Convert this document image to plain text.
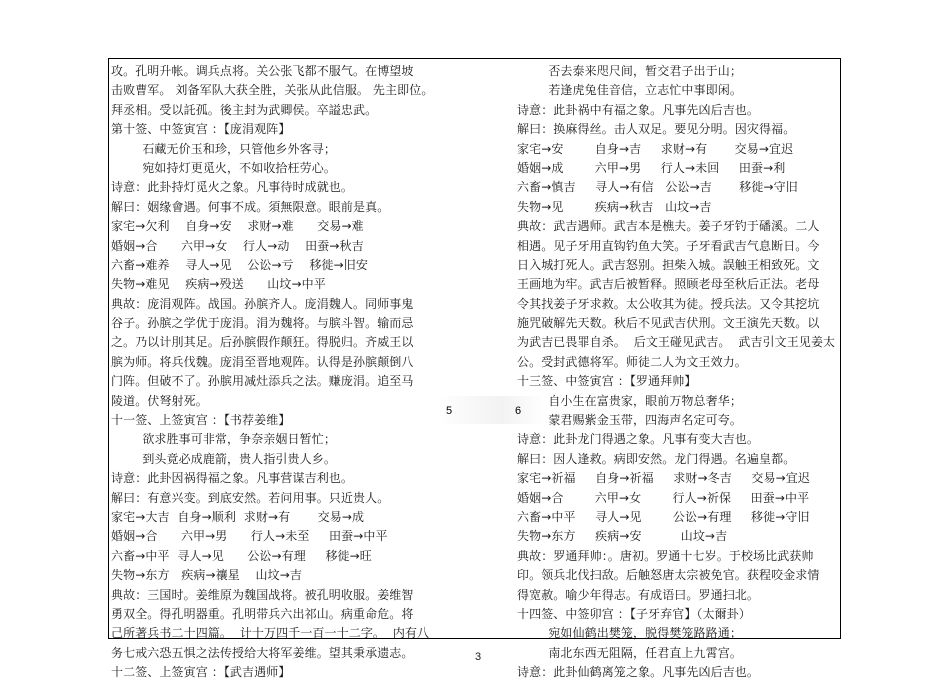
攻。孔明升帐。调兵点将。关公张飞都不服气。在博望坡
击败曹军。 刘备军队大获全胜，关张从此信服。 先主即位。
拜丞相。受以託孤。後主封为武卿侯。卒謚忠武。
第十签、中签寅宫 ：【庞涓观阵】
石藏无价玉和珍，只管他乡外客寻；
宛如持灯更觅火，不如收拾枉劳心。
诗意：此卦持灯觅火之象。凡事待时成就也。
解曰：姻缘會遇。何事不成。須無限意。眼前是真。
家宅→欠利    自身→安    求财→难      交易→难
婚姻→合      六甲→女    行人→动    田蚕→秋吉
六畜→难养    寻人→见    公讼→亏    移徙→旧安
失物→难见    疾病→殁送      山坟→中平
典故：庞涓观阵。战国。孙膑齐人。庞涓魏人。同师事鬼
谷子。孙膑之学优于庞涓。涓为魏将。与膑斗智。输而忌
之。乃以计刖其足。后孙膑假作颠狂。得脱归。齐威王以
膑为师。将兵伐魏。庞涓至晋地观阵。认得是孙膑颠倒八
门阵。但破不了。孙膑用减灶添兵之法。赚庞涓。追至马
陵道。伏弩射死。
十一签、上签寅宫 ：【书荐姜维】
欲求胜事可非常，争奈亲姻日暂忙；
到头竟必成鹿箭，贵人指引贵人乡。
诗意：此卦因祸得福之象。凡事营谋吉利也。
解曰：有意兴变。到底安然。若问用事。只近贵人。
家宅→大吉  自身→顺利  求财→有       交易→成
婚姻→合      六甲→男      行人→未至     田蚕→中平
六畜→中平  寻人→见      公讼→有理     移徙→旺
失物→东方   疾病→禳星    山坟→吉
典故：三国时。姜维原为魏国战将。被孔明收服。姜维智
勇双全。得孔明器重。孔明带兵六出祁山。病重命危。将
己所著兵书二十四篇。  计十万四千一百一十二字。  内有八
务七戒六恐五惧之法传授给大将军姜维。望其秉承遗志。
十二签、上签寅宫 ：【武吉遇师】
否去泰来咫尺间，暂交君子出于山；
若逢虎兔佳音信，立志忙中事即闲。
诗意：此卦祸中有福之象。凡事先凶后吉也。
解曰：换麻得丝。击人双足。要见分明。因灾得福。
家宅→安        自身→吉     求财→有       交易→宜迟
婚姻→成        六甲→男     行人→未回     田蚕→利
六畜→慎吉     寻人→有信   公讼→吉       移徙→守旧
失物→见        疾病→秋吉   山坟→吉
典故：武吉遇师。武吉本是樵夫。姜子牙钓于磻溪。二人
相遇。见子牙用直钩钓鱼大笑。子牙看武吉气息断日。今
日入城打死人。武吉怒别。担柴入城。誤触王相致死。文
王画地为牢。武吉后被暂释。照顾老母至秋后正法。老母
令其找姜子牙求救。太公收其为徒。授兵法。又令其挖坑
施咒破解先天数。秋后不见武吉伏刑。文王演先天数。以
为武吉已畏罪自杀。  后文王碰见武吉。  武吉引文王见姜太
公。受封武德将军。师徒二人为文王效力。
十三签、中签寅宫 ：【罗通拜帅】
自小生在富贵家，眼前万物总奢华；
蒙君赐紫金玉带，四海声名定可夸。
诗意：此卦龙门得遇之象。凡事有变大吉也。
解曰：因人逢救。病即安然。龙门得遇。名遍皇都。
家宅→祈福     自身→祈福     求财→冬吉     交易→宜迟
婚姻→合        六甲→女        行人→祈保     田蚕→中平
六畜→中平     寻人→见        公讼→有理     移徙→守旧
失物→东方     疾病→安          山坟→吉
典故：罗通拜帅：。唐初。罗通十七岁。于校场比武获帅
印。领兵北伐扫敌。后触怒唐太宗被免官。获程咬金求情
得宽赦。喻少年得志。有成语曰。罗通扫北。
十四签、中签卯宫 ：【子牙弃官】（太爾卦）
宛如仙鹤出樊笼，脱得樊笼路路通；
南北东西无阻隔，任君直上九霄宫。
诗意：此卦仙鹤离笼之象。凡事先凶后吉也。
5	6
3
